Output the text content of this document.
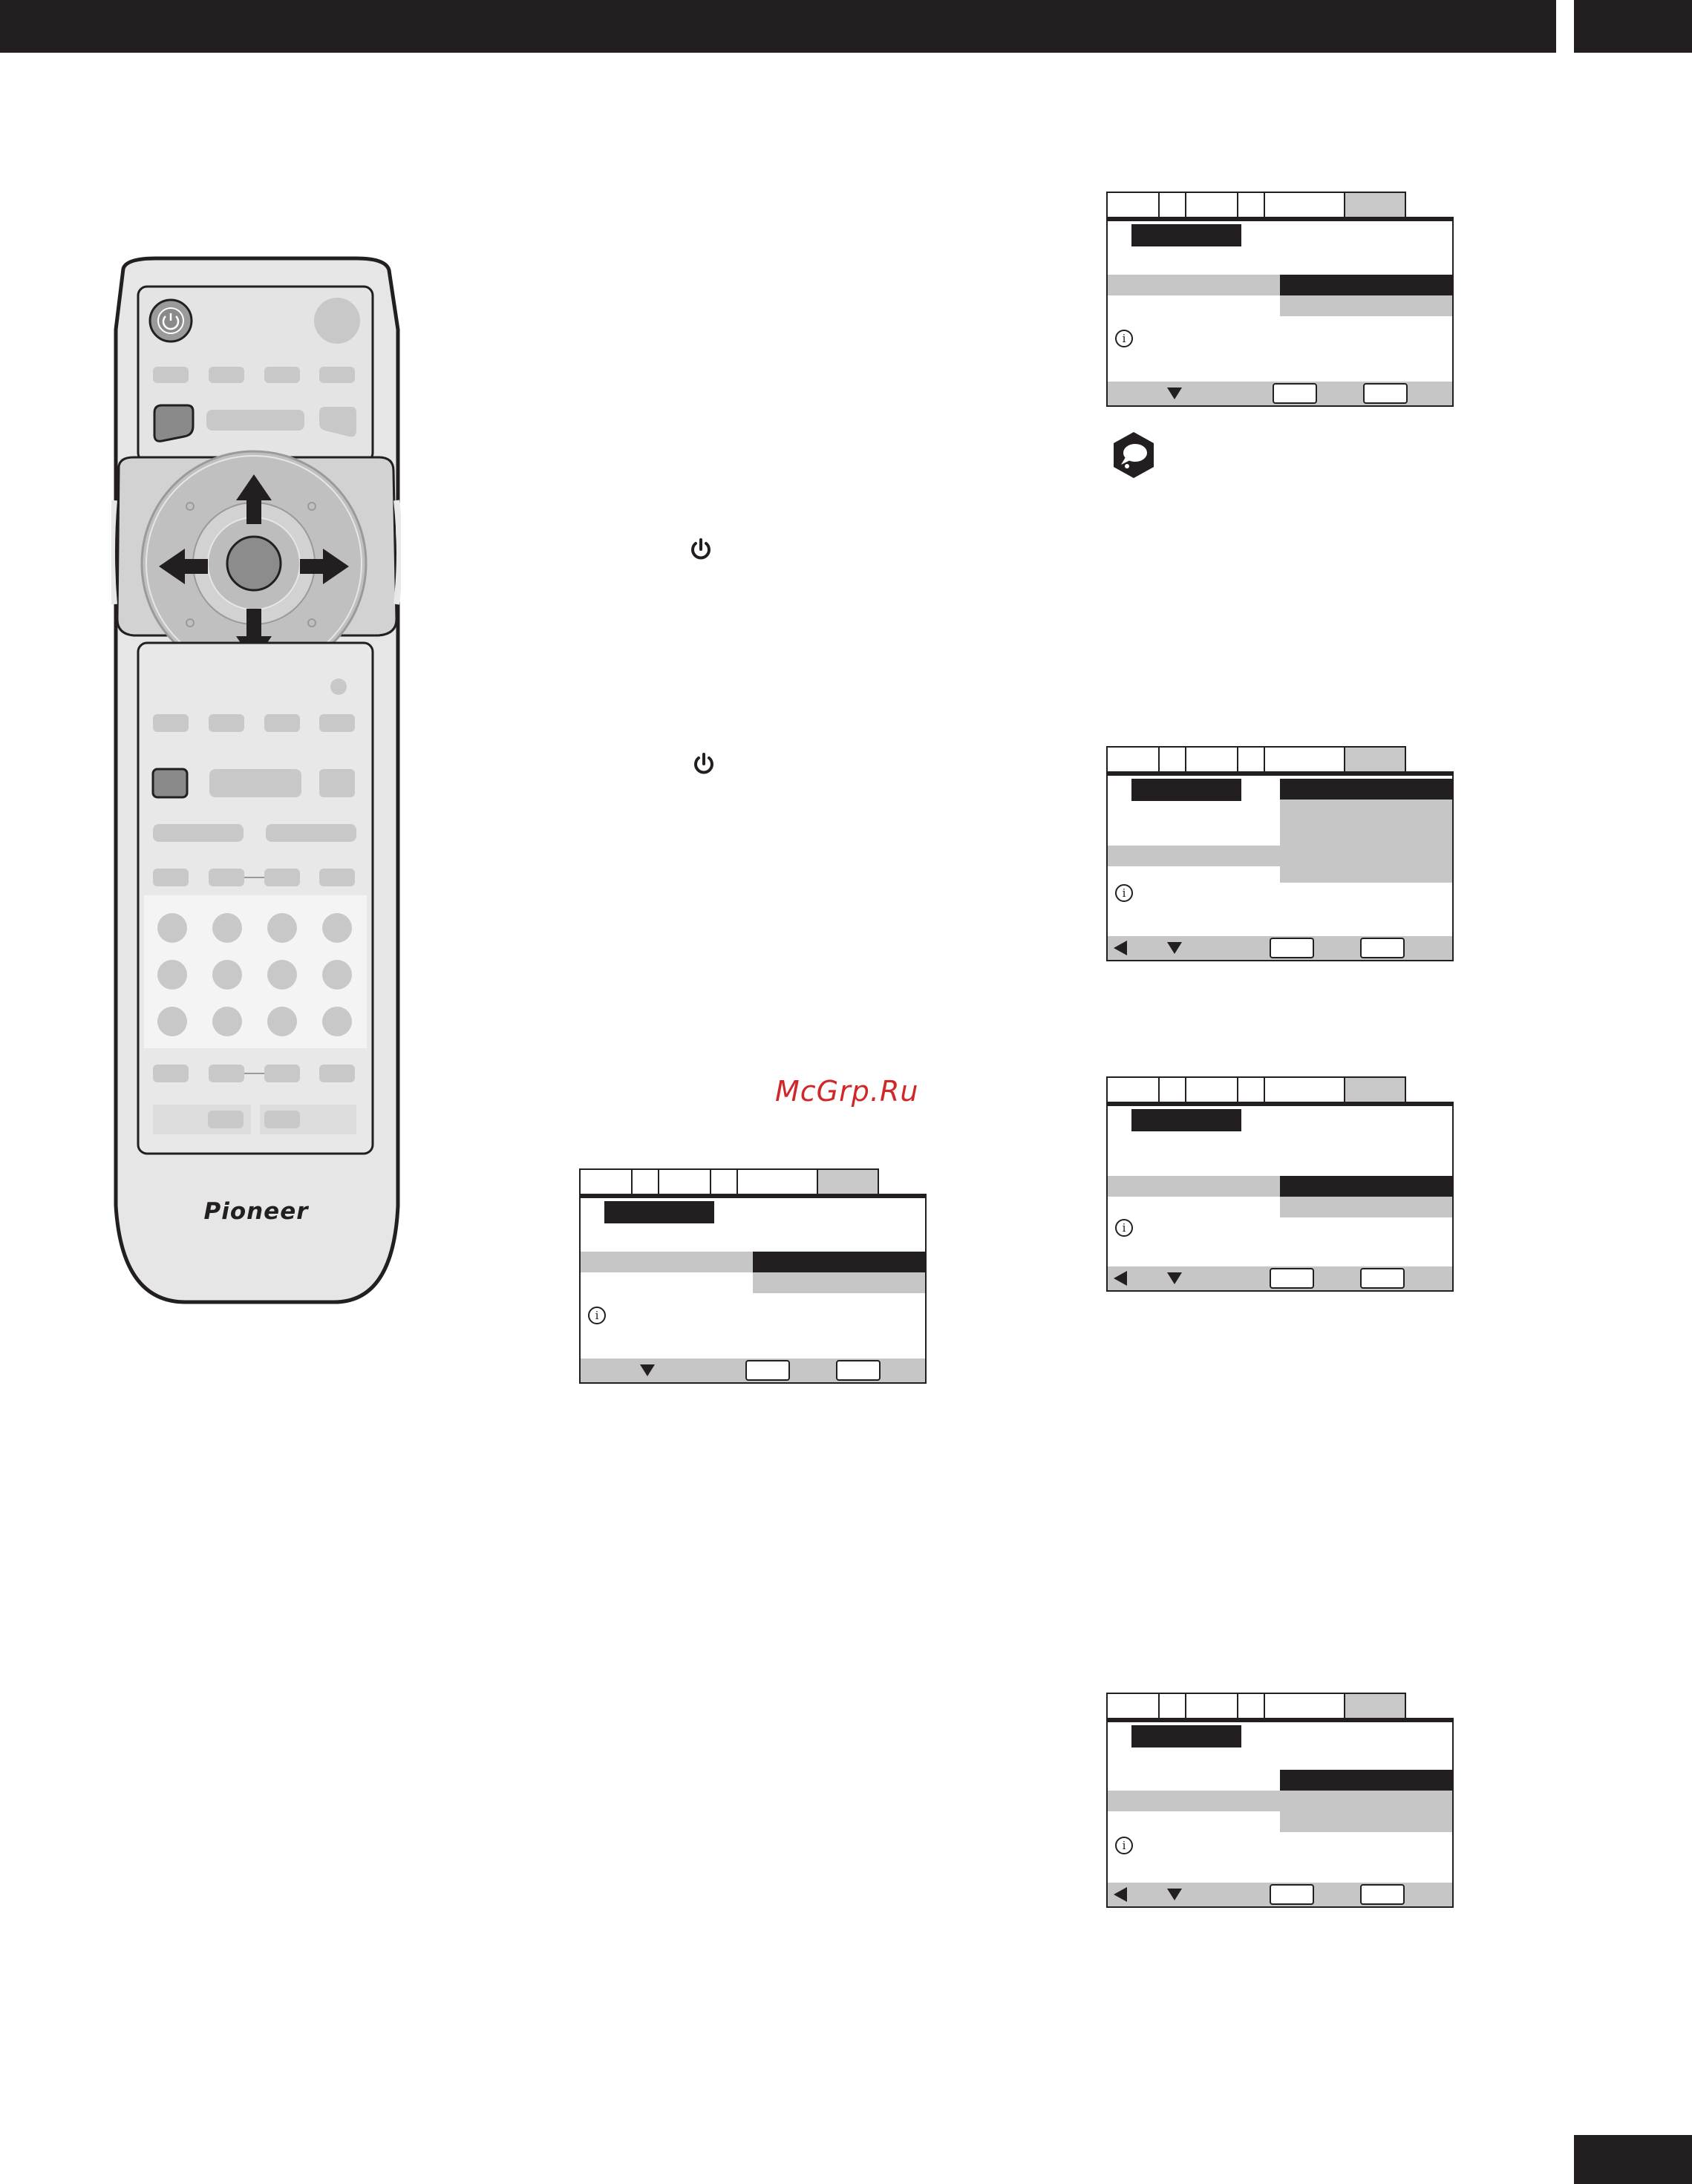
Pioneer
McGrp.Ru
i
i
i
i
i
